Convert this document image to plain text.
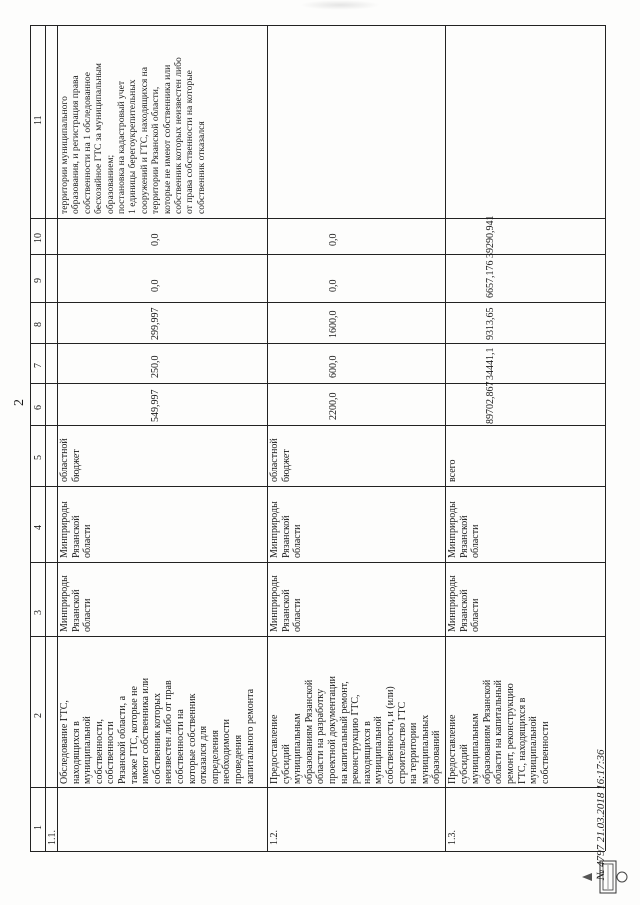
2
1
2
3
4
5
6
7
8
9
10
11
1.1.
Обследование ГТС, находящихся в муниципальной собственности, собственности Рязанской области, а также ГТС, которые не имеют собственника или собственник которых неизвестен либо от прав собственности на которые собственник отказался для определения необходимости проведения капитального ремонта
Минприроды Рязанской области
Минприроды Рязанской области
областной бюджет
549,997
250,0
299,997
0,0
0,0
территории муниципального образования, и регистрация права собственности на 1 обследованное бесхозяйное ГТС за муниципальным образованием; постановка на кадастровый учет 1 единицы берегоукрепительных сооружений и ГТС, находящихся на территории Рязанской области, которые не имеют собственника или собственник которых неизвестен либо от права собственности на которые собственник отказался
1.2.
Предоставление субсидий муниципальным образованиям Рязанской области на разработку проектной документации на капитальный ремонт, реконструкцию ГТС, находящихся в муниципальной собственности, и (или) строительство ГТС на территории муниципальных образований
Минприроды Рязанской области
Минприроды Рязанской области
областной бюджет
2200,0
600,0
1600,0
0,0
0,0
1.3.
Предоставление субсидий муниципальным образованиям Рязанской области на капитальный ремонт, реконструкцию ГТС, находящихся в муниципальной собственности
Минприроды Рязанской области
Минприроды Рязанской области
всего
89702,867
34441,1
9313,65
6657,176
39290,941
№ 4797 21.03.2018 16:17:36
